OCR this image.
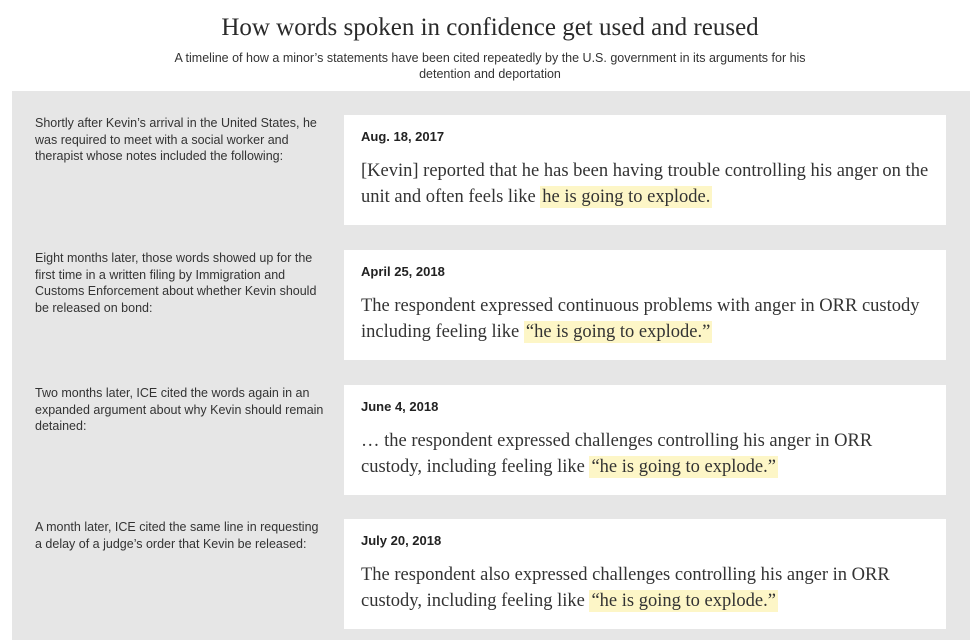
How words spoken in confidence get used and reused

A timeline of how a minor’s statements have been cited repeatedly by the U.S. government in its arguments for his detention and deportation

Shortly after Kevin’s arrival in the United States, he was required to meet with a social worker and therapist whose notes included the following:

Aug. 18, 2017

[Kevin] reported that he has been having trouble controlling his anger on the unit and often feels like he is going to explode.

Eight months later, those words showed up for the first time in a written filing by Immigration and Customs Enforcement about whether Kevin should be released on bond:

April 25, 2018

The respondent expressed continuous problems with anger in ORR custody including feeling like “he is going to explode.”

Two months later, ICE cited the words again in an expanded argument about why Kevin should remain detained:

June 4, 2018

… the respondent expressed challenges controlling his anger in ORR custody, including feeling like “he is going to explode.”

A month later, ICE cited the same line in requesting a delay of a judge’s order that Kevin be released:	July 20, 2018

The respondent also expressed challenges controlling his anger in ORR custody, including feeling like “he is going to explode.”
